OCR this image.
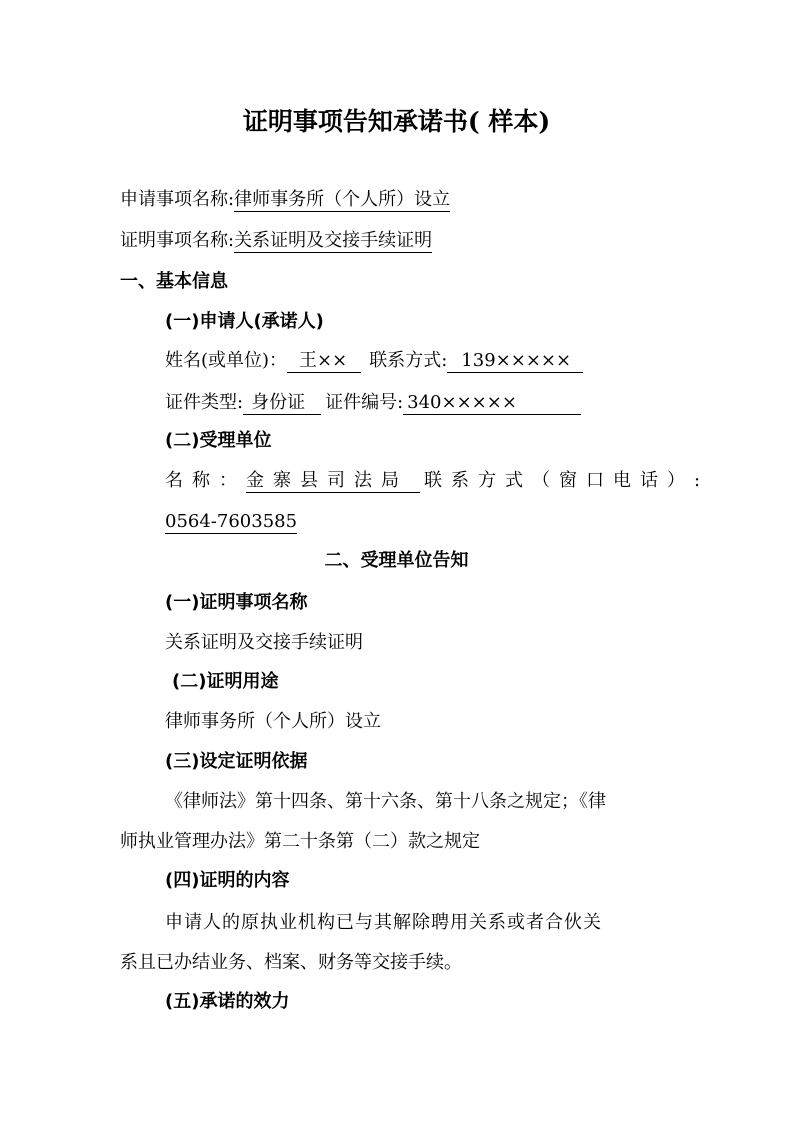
证明事项告知承诺书( 样本)
申请事项名称:律师事务所（个人所）设立
证明事项名称:关系证明及交接手续证明
一、基本信息
(一)申请人(承诺人)
姓名(或单位)： 王×× 联系方式: 139×××××
证件类型: 身份证 证件编号: 340×××××
(二)受理单位
名称：金寨县司法局 联系方式（窗口电话）:
0564-7603585
二、受理单位告知
(一)证明事项名称
关系证明及交接手续证明
(二)证明用途
律师事务所（个人所）设立
(三)设定证明依据
《律师法》第十四条、第十六条、第十八条之规定；《律
师执业管理办法》第二十条第（二）款之规定
(四)证明的内容
申请人的原执业机构已与其解除聘用关系或者合伙关
系且已办结业务、档案、财务等交接手续。
(五)承诺的效力
